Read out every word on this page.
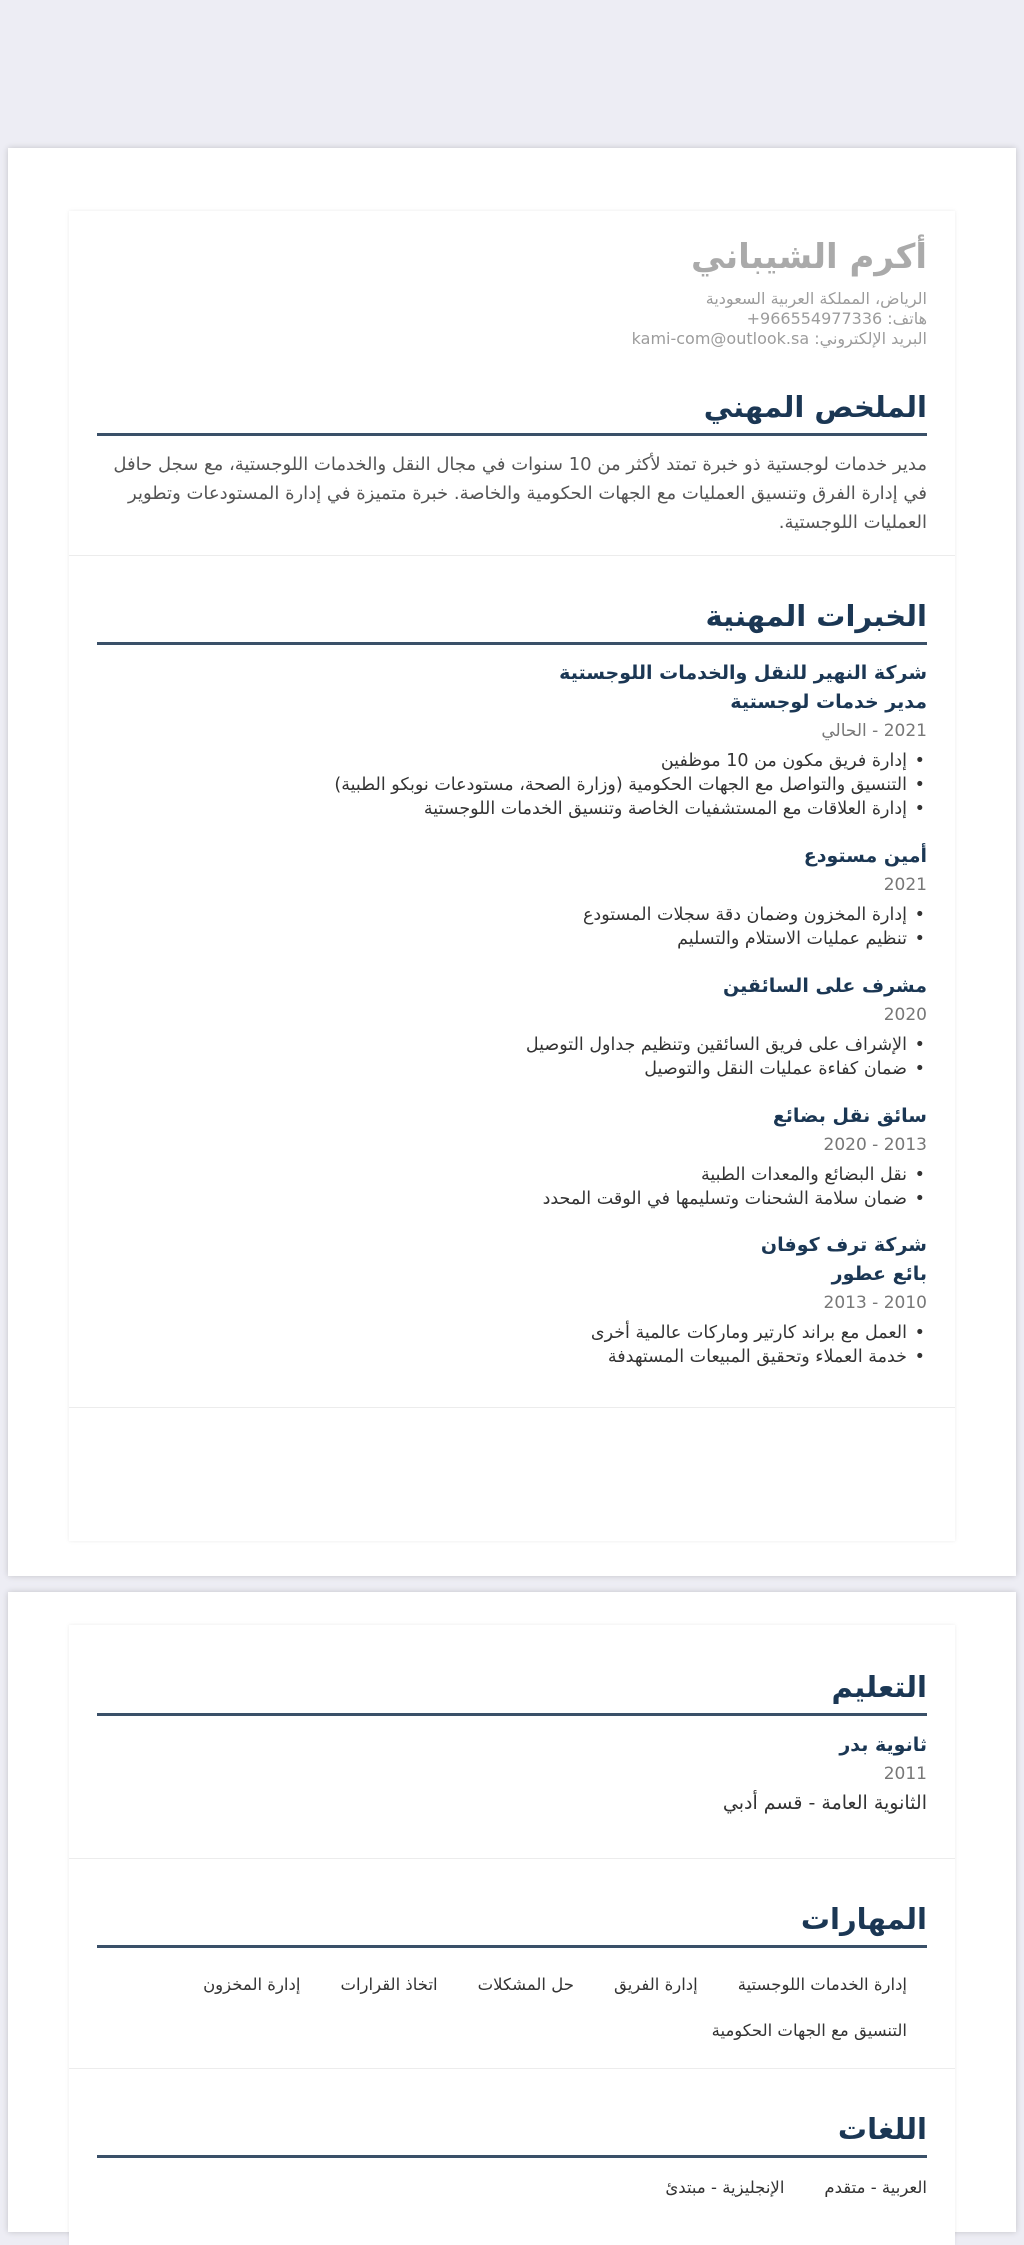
أكرم الشيباني
الرياض، المملكة العربية السعودية
هاتف: +966554977336
البريد الإلكتروني: kami-com@outlook.sa
الملخص المهني

مدير خدمات لوجستية ذو خبرة تمتد لأكثر من 10 سنوات في مجال النقل والخدمات اللوجستية، مع سجل حافل في إدارة الفرق وتنسيق العمليات مع الجهات الحكومية والخاصة. خبرة متميزة في إدارة المستودعات وتطوير العمليات اللوجستية.

الخبرات المهنية
شركة النهير للنقل والخدمات اللوجستية
مدير خدمات لوجستية
2021 - الحالي
• إدارة فريق مكون من 10 موظفين
• التنسيق والتواصل مع الجهات الحكومية (وزارة الصحة، مستودعات نوبكو الطبية)
• إدارة العلاقات مع المستشفيات الخاصة وتنسيق الخدمات اللوجستية
أمين مستودع
2021
• إدارة المخزون وضمان دقة سجلات المستودع
• تنظيم عمليات الاستلام والتسليم
مشرف على السائقين
2020
• الإشراف على فريق السائقين وتنظيم جداول التوصيل
• ضمان كفاءة عمليات النقل والتوصيل
سائق نقل بضائع
2013 - 2020
• نقل البضائع والمعدات الطبية
• ضمان سلامة الشحنات وتسليمها في الوقت المحدد
شركة ترف كوفان
بائع عطور
2010 - 2013
• العمل مع براند كارتير وماركات عالمية أخرى
• خدمة العملاء وتحقيق المبيعات المستهدفة
التعليم
ثانوية بدر
2011
الثانوية العامة - قسم أدبي
المهارات
إدارة الخدمات اللوجستية
إدارة الفريق
حل المشكلات
اتخاذ القرارات
إدارة المخزون
التنسيق مع الجهات الحكومية
اللغات
العربية - متقدم
الإنجليزية - مبتدئ
